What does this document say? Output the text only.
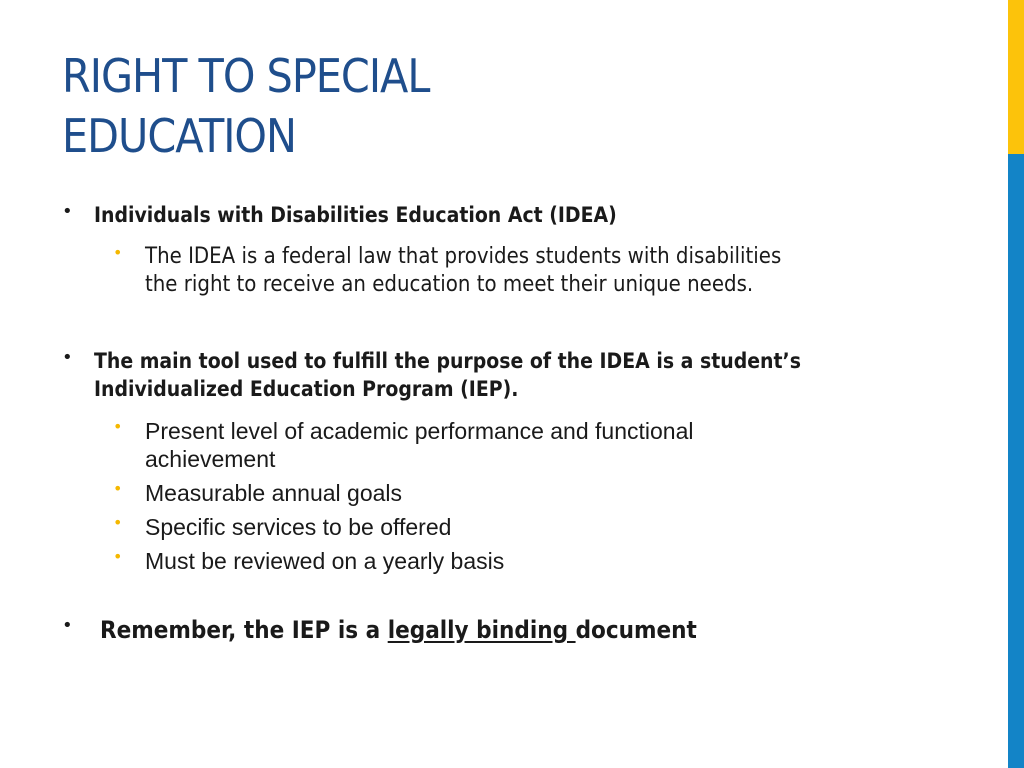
RIGHT TO SPECIAL
EDUCATION
•	Individuals with Disabilities Education Act (IDEA)
•	The IDEA is a federal law that provides students with disabilities
the right to receive an education to meet their unique needs.
•	The main tool used to fulfill the purpose of the IDEA is a student’s
Individualized Education Program (IEP).
• Present level of academic performance and functional
achievement
• Measurable annual goals
• Specific services to be offered
• Must be reviewed on a yearly basis
•	Remember, the IEP is a legally binding document
